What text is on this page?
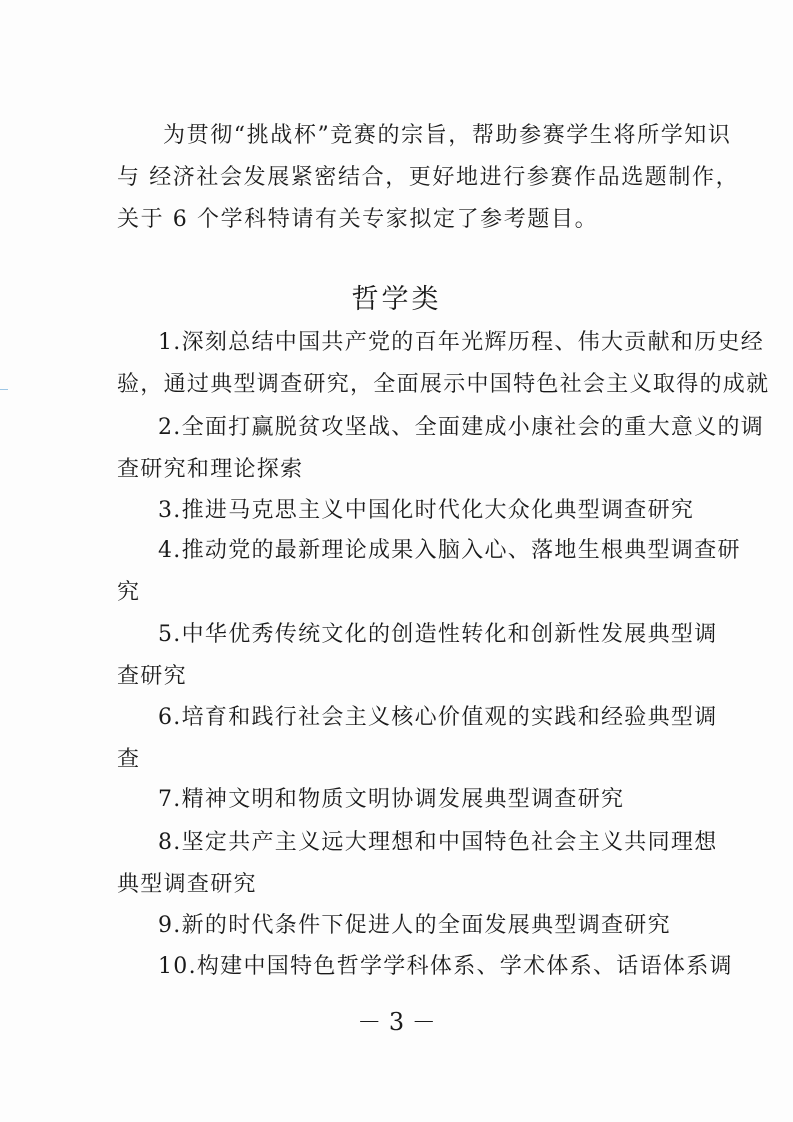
为贯彻“挑战杯”竞赛的宗旨，帮助参赛学生将所学知识
与 经济社会发展紧密结合，更好地进行参赛作品选题制作，
关于 6 个学科特请有关专家拟定了参考题目。
哲学类
1.深刻总结中国共产党的百年光辉历程、伟大贡献和历史经
验，通过典型调查研究，全面展示中国特色社会主义取得的成就
2.全面打赢脱贫攻坚战、全面建成小康社会的重大意义的调
查研究和理论探索
3.推进马克思主义中国化时代化大众化典型调查研究
4.推动党的最新理论成果入脑入心、落地生根典型调查研
究
5.中华优秀传统文化的创造性转化和创新性发展典型调
查研究
6.培育和践行社会主义核心价值观的实践和经验典型调
查
7.精神文明和物质文明协调发展典型调查研究
8.坚定共产主义远大理想和中国特色社会主义共同理想
典型调查研究
9.新的时代条件下促进人的全面发展典型调查研究
10.构建中国特色哲学学科体系、学术体系、话语体系调
－ 3 －
